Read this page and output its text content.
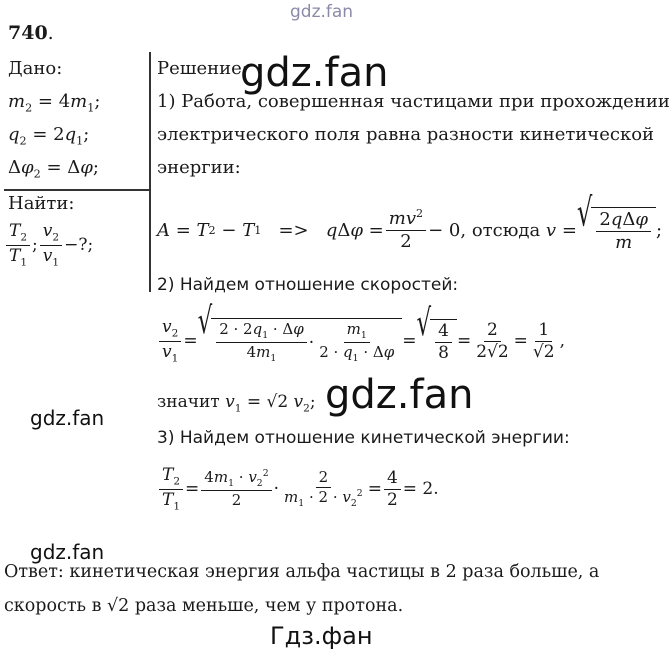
gdz.fan
gdz.fan
gdz.fan
gdz.fan
gdz.fan
Гдз.фан
740.
Дано:
$m_2 = 4m_1$;
$q_2 = 2q_1$;
$\Delta\varphi_2 = \Delta\varphi$;
Найти:
$\frac{T_2}{T_1}$ ; $\frac{v_2}{v_1}$ −?;
Решение:
1) Работа, совершенная частицами при прохождении
электрического поля равна разности кинетической
энергии:
A = T 2 − T 1 => q Δ $\varphi = \frac{mv^2}{2} - 0$, отсюда v = √ $\frac{\text{2qΔφ}}{m}$ ;
2) Найдем отношение скоростей:
$\frac{v_2}{v_1}$ = √ $\frac{2 \cdot 2q_1 \cdot \Delta\varphi}{4m_1} \cdot \frac{m_1}{2 \cdot q_1 \cdot \Delta\varphi}$ = √ $\frac{4}{8} = \frac{2}{2√2} = \frac{1}{√2}$ ,
значит $v_1 = √2$ $v_2$;
3) Найдем отношение кинетической энергии:
$\frac{T_2}{T_1} = \frac{4m_1 \cdot v_2^2}{2} \cdot \frac{2}{m_1 \cdot 2 \cdot v_2^2} = \frac{4}{2} = 2$.
Ответ: кинетическая энергия альфа частицы в 2 раза больше, а
скорость в √2 раза меньше, чем у протона.
